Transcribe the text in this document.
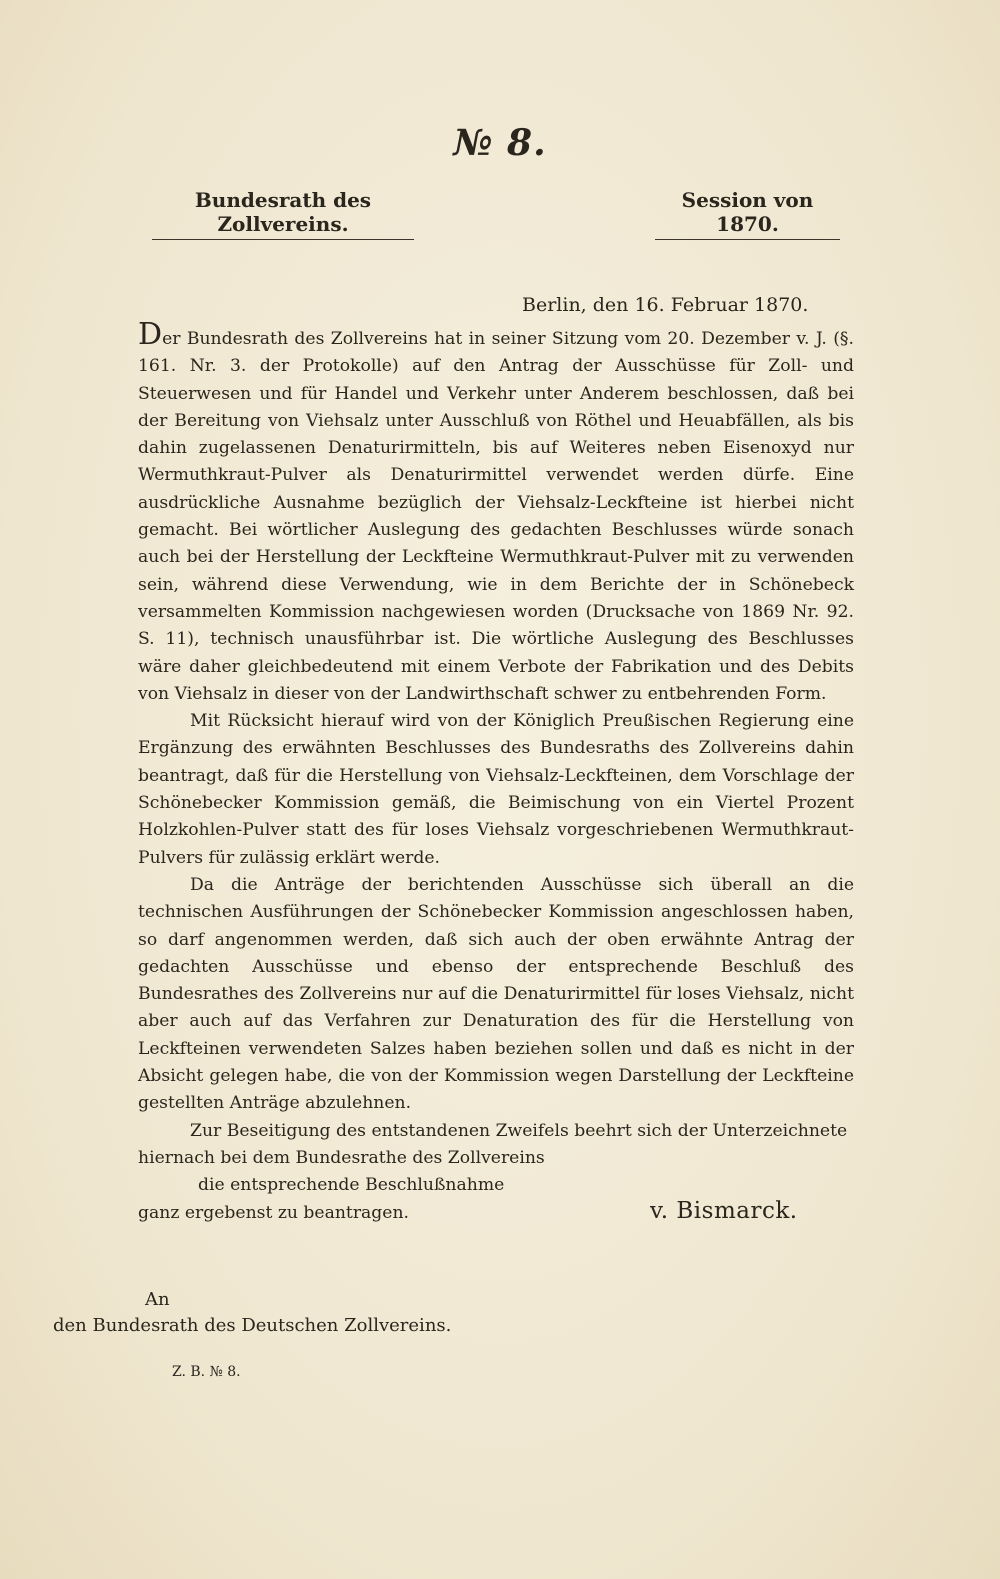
№ 8.
Bundesrath des Zollvereins.
Session von 1870.
Berlin, den 16. Februar 1870.

Der Bundesrath des Zollvereins hat in seiner Sitzung vom 20. Dezember v. J. (§. 161. Nr. 3. der Protokolle) auf den Antrag der Ausschüsse für Zoll- und Steuerwesen und für Handel und Verkehr unter Anderem beschlossen, daß bei der Bereitung von Viehsalz unter Ausschluß von Röthel und Heuabfällen, als bis dahin zugelassenen Denaturirmitteln, bis auf Weiteres neben Eisenoxyd nur Wermuthkraut-Pulver als Denaturirmittel verwendet werden dürfe. Eine ausdrückliche Ausnahme bezüglich der Viehsalz-Leckfteine ist hierbei nicht gemacht. Bei wörtlicher Auslegung des gedachten Beschlusses würde sonach auch bei der Herstellung der Leckfteine Wermuthkraut-Pulver mit zu verwenden sein, während diese Verwendung, wie in dem Berichte der in Schönebeck versammelten Kommission nachgewiesen worden (Drucksache von 1869 Nr. 92. S. 11), technisch unausführbar ist. Die wörtliche Auslegung des Beschlusses wäre daher gleichbedeutend mit einem Verbote der Fabrikation und des Debits von Viehsalz in dieser von der Landwirthschaft schwer zu entbehrenden Form.

Mit Rücksicht hierauf wird von der Königlich Preußischen Regierung eine Ergänzung des erwähnten Beschlusses des Bundesraths des Zollvereins dahin beantragt, daß für die Herstellung von Viehsalz-Leckfteinen, dem Vorschlage der Schönebecker Kommission gemäß, die Beimischung von ein Viertel Prozent Holzkohlen-Pulver statt des für loses Viehsalz vorgeschriebenen Wermuthkraut-Pulvers für zulässig erklärt werde.

Da die Anträge der berichtenden Ausschüsse sich überall an die technischen Ausführungen der Schönebecker Kommission angeschlossen haben, so darf angenommen werden, daß sich auch der oben erwähnte Antrag der gedachten Ausschüsse und ebenso der entsprechende Beschluß des Bundesrathes des Zollvereins nur auf die Denaturirmittel für loses Viehsalz, nicht aber auch auf das Verfahren zur Denaturation des für die Herstellung von Leckfteinen verwendeten Salzes haben beziehen sollen und daß es nicht in der Absicht gelegen habe, die von der Kommission wegen Darstellung der Leckfteine gestellten Anträge abzulehnen.

Zur Beseitigung des entstandenen Zweifels beehrt sich der Unterzeichnete hiernach bei dem Bundesrathe des Zollvereins

die entsprechende Beschlußnahme

ganz ergebenst zu beantragen.	v. Bismarck.
An
den Bundesrath des Deutschen Zollvereins.
Z. B. № 8.
